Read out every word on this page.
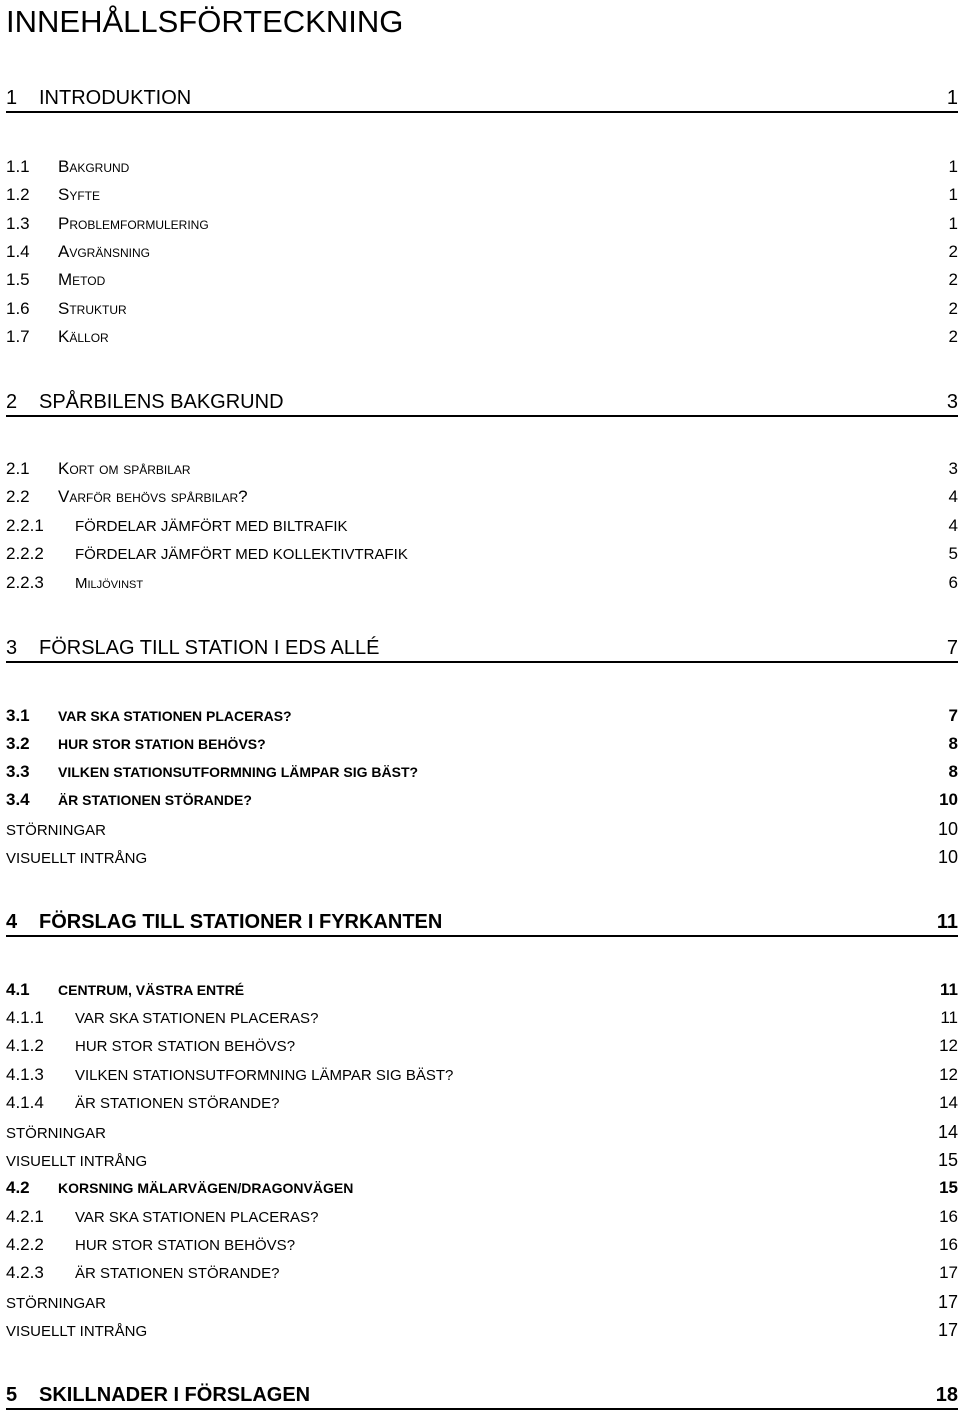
INNEHÅLLSFÖRTECKNING
1	INTRODUKTION	1
1.1	Bakgrund	1
1.2	Syfte	1
1.3	Problemformulering	1
1.4	Avgränsning	2
1.5	Metod	2
1.6	Struktur	2
1.7	Källor	2
2	SPÅRBILENS BAKGRUND	3
2.1	Kort om spårbilar	3
2.2	Varför behövs spårbilar?	4
2.2.1	FÖRDELAR JÄMFÖRT MED BILTRAFIK	4
2.2.2	FÖRDELAR JÄMFÖRT MED KOLLEKTIVTRAFIK	5
2.2.3	Miljövinst	6
3	FÖRSLAG TILL STATION I EDS ALLÉ	7
3.1	VAR SKA STATIONEN PLACERAS?	7
3.2	HUR STOR STATION BEHÖVS?	8
3.3	VILKEN STATIONSUTFORMNING LÄMPAR SIG BÄST?	8
3.4	ÄR STATIONEN STÖRANDE?	10
STÖRNINGAR	10
VISUELLT INTRÅNG	10
4	FÖRSLAG TILL STATIONER I FYRKANTEN	11
4.1	CENTRUM, VÄSTRA ENTRÉ	11
4.1.1	VAR SKA STATIONEN PLACERAS?	11
4.1.2	HUR STOR STATION BEHÖVS?	12
4.1.3	VILKEN STATIONSUTFORMNING LÄMPAR SIG BÄST?	12
4.1.4	ÄR STATIONEN STÖRANDE?	14
STÖRNINGAR	14
VISUELLT INTRÅNG	15
4.2	KORSNING MÄLARVÄGEN/DRAGONVÄGEN	15
4.2.1	VAR SKA STATIONEN PLACERAS?	16
4.2.2	HUR STOR STATION BEHÖVS?	16
4.2.3	ÄR STATIONEN STÖRANDE?	17
STÖRNINGAR	17
VISUELLT INTRÅNG	17
5	SKILLNADER I FÖRSLAGEN	18
